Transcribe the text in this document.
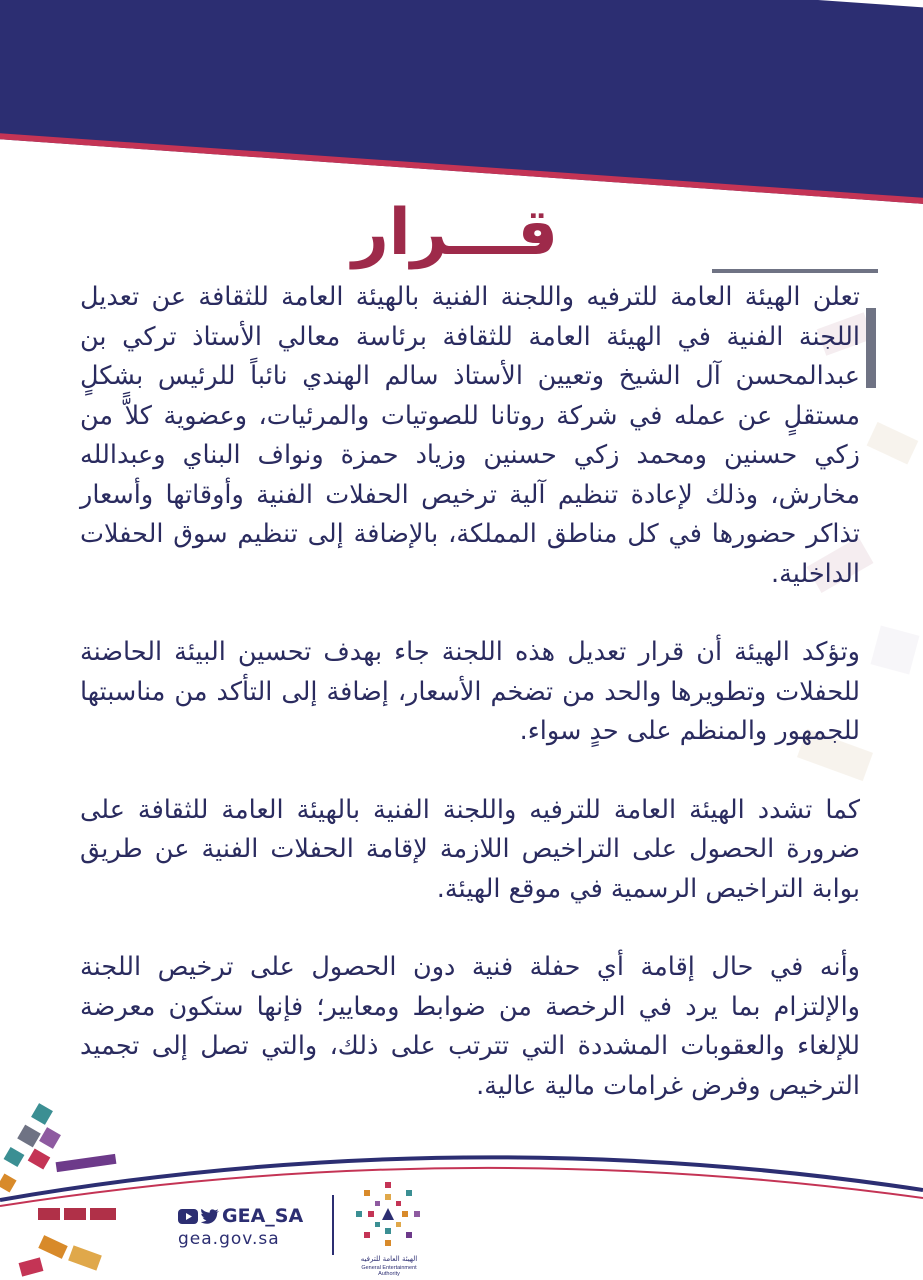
قـــرار

تعلن الهيئة العامة للترفيه واللجنة الفنية بالهيئة العامة للثقافة عن تعديل اللجنة الفنية في الهيئة العامة للثقافة برئاسة معالي الأستاذ تركي بن عبدالمحسن آل الشيخ وتعيين الأستاذ سالم الهندي نائباً للرئيس بشكلٍ مستقلٍ عن عمله في شركة روتانا للصوتيات والمرئيات، وعضوية كلاًّ من زكي حسنين ومحمد زكي حسنين وزياد حمزة ونواف البناي وعبدالله مخارش، وذلك لإعادة تنظيم آلية ترخيص الحفلات الفنية وأوقاتها وأسعار تذاكر حضورها في كل مناطق المملكة، بالإضافة إلى تنظيم سوق الحفلات الداخلية.

وتؤكد الهيئة أن قرار تعديل هذه اللجنة جاء بهدف تحسين البيئة الحاضنة للحفلات وتطويرها والحد من تضخم الأسعار، إضافة إلى التأكد من مناسبتها للجمهور والمنظم على حدٍ سواء.

كما تشدد الهيئة العامة للترفيه واللجنة الفنية بالهيئة العامة للثقافة على ضرورة الحصول على التراخيص اللازمة لإقامة الحفلات الفنية عن طريق بوابة التراخيص الرسمية في موقع الهيئة.

وأنه في حال إقامة أي حفلة فنية دون الحصول على ترخيص اللجنة والإلتزام بما يرد في الرخصة من ضوابط ومعايير؛ فإنها ستكون معرضة للإلغاء والعقوبات المشددة التي تترتب على ذلك، والتي تصل إلى تجميد الترخيص وفرض غرامات مالية عالية.

GEA_SA
gea.gov.sa
الهيئة العامة للترفيه
General Entertainment Authority
